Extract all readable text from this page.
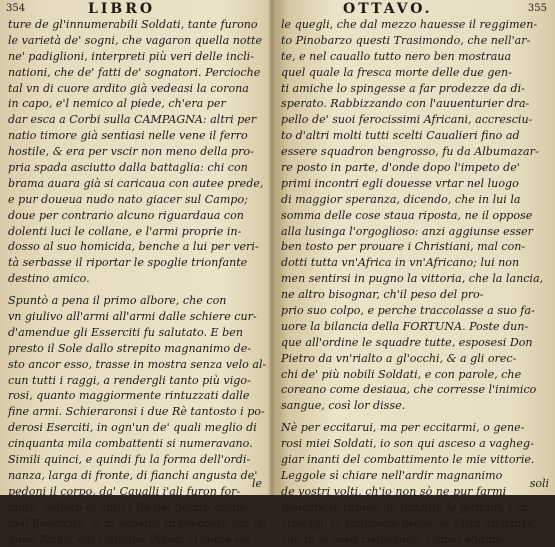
354	LIBRO
ture de gl'innumerabili Soldati, tante furono
le varietà de' sogni, che vagaron quella notte
ne' padiglioni, interpreti più veri delle incli-
nationi, che de' fatti de' sognatori. Percioche
tal vn di cuore ardito già vedeasi la corona
in capo, e'l nemico al piede, ch'era per
dar esca a Corbi sulla CAMPAGNA: altri per
natio timore già sentiasi nelle vene il ferro
hostile, & era per vscir non meno della pro-
pria spada asciutto dalla battaglia: chi con
brama auara già si caricaua con autee prede,
e pur doueua nudo nato giacer sul Campo;
doue per contrario alcuno riguardaua con
dolenti luci le collane, e l'armi proprie in-
dosso al suo homicida, benche a lui per veri-
tà serbasse il riportar le spoglie trionfante
destino amico.
Spuntò a pena il primo albore, che con
vn giulivo all'armi all'armi dalle schiere cur-
d'amendue gli Esserciti fu salutato. E ben
presto il Sole dallo strepito magnanimo de-
sto ancor esso, trasse in mostra senza velo al-
cun tutti i raggi, a rendergli tanto più vigo-
rosi, quanto maggiormente rintuzzati dalle
fine armi. Schieraronsi i due Rè tantosto i po-
derosi Eserciti, in ogn'un de' quali meglio di
cinquanta mila combattenti si numeravano.
Simili quinci, e quindi fu la forma dell'ordi-
nanza, larga di fronte, di fianchi angusta de'
pedoni il corpo, da' Caualli i'ali furon for-
mate. Vollero la cura i Rè del destro corno
nell'Essercito, & al sinistro fu preposto dal Pa-
gano Zaido, dal Catolico Diana, sì come vol-
le
OTTAVO.	355
le quegli, che dal mezzo hauesse il reggimen-
to Pinobarzo questi Trasimondo, che nell'ar-
te, e nel cauallo tutto nero ben mostraua
quel quale la fresca morte delle due gen-
ti amiche lo spingesse a far prodezze da di-
sperato. Rabbizzando con l'auuenturier dra-
pello de' suoi ferocissimi Africani, accresciu-
to d'altri molti tutti scelti Caualieri fino ad
essere squadron bengrosso, fu da Albumazar-
re posto in parte, d'onde dopo l'impeto de'
primi incontri egli douesse vrtar nel luogo
di maggior speranza, dicendo, che in lui la
somma delle cose staua riposta, ne il oppose
alla lusinga l'orgoglioso: anzi aggiunse esser
ben tosto per prouare i Christiani, mal con-
dotti tutta vn'Africa in vn'Africano; lui non
men sentirsi in pugno la vittoria, che la lancia,
ne altro bisognar, ch'il peso del pro-
prio suo colpo, e perche traccolasse a suo fa-
uore la bilancia della FORTUNA. Poste dun-
que all'ordine le squadre tutte, esposesi Don
Pietro da vn'rialto a gl'occhi, & a gli orec-
chi de' più nobili Soldati, e con parole, che
coreano come desiaua, che corresse l'inimico
sangue, così lor disse.
Nè per eccitarui, ma per eccitarmi, o gene-
rosi miei Soldati, io son qui asceso a vagheg-
giar inanti del combattimento le mie vittorie.
Leggole sì chiare nell'ardir magnanimo
de vostri volti, ch'io non sò ne pur farmi
pensare le rapine, le libidini, le feritadi, i sa-
crileggi, le prouincie prese, le Città distrutte,
che in sì vasti ristessimo, i quali stiamo
soli
